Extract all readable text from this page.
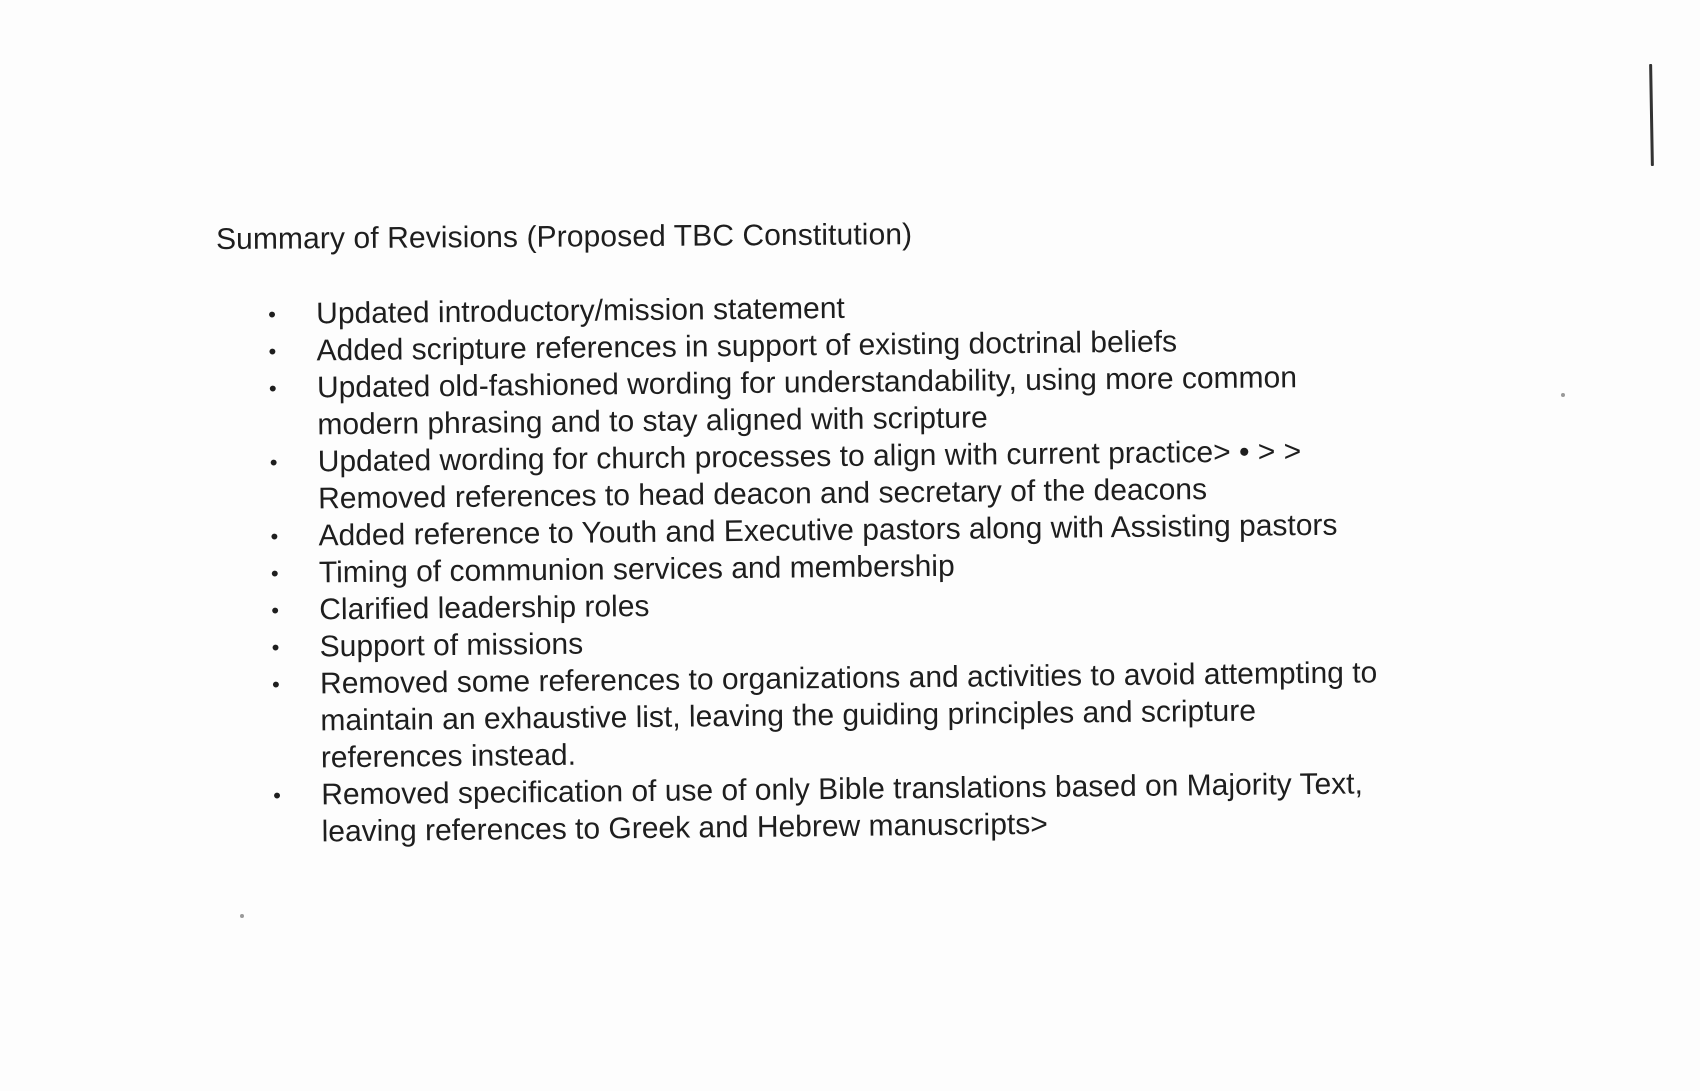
Summary of Revisions (Proposed TBC Constitution)
• Updated introductory/mission statement
• Added scripture references in support of existing doctrinal beliefs
• Updated old-fashioned wording for understandability, using more common
modern phrasing and to stay aligned with scripture
• Updated wording for church processes to align with current practice> • > >
Removed references to head deacon and secretary of the deacons
• Added reference to Youth and Executive pastors along with Assisting pastors
• Timing of communion services and membership
• Clarified leadership roles
• Support of missions
• Removed some references to organizations and activities to avoid attempting to
maintain an exhaustive list, leaving the guiding principles and scripture
references instead.
• Removed specification of use of only Bible translations based on Majority Text,
leaving references to Greek and Hebrew manuscripts>
